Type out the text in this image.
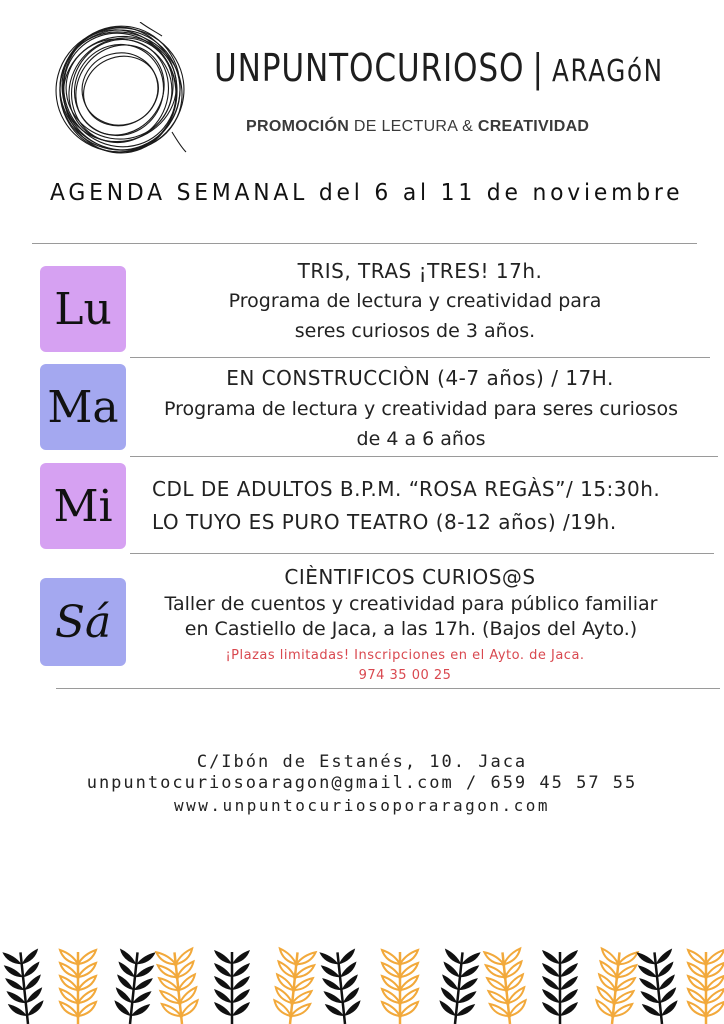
UNPUNTOCURIOSO | ARAGóN
PROMOCIÓN DE LECTURA & CREATIVIDAD
AGENDA SEMANAL del 6 al 11 de noviembre
Lu
TRIS, TRAS ¡TRES! 17h.
Programa de lectura y creatividad para
seres curiosos de 3 años.
Ma
EN CONSTRUCCIÒN (4-7 años) / 17H.
Programa de lectura y creatividad para seres curiosos
de 4 a 6 años
Mi CDL DE ADULTOS B.P.M. “ROSA REGÀS”/ 15:30h.
LO TUYO ES PURO TEATRO (8-12 años) /19h.
Sá
CIÈNTIFICOS CURIOS@S
Taller de cuentos y creatividad para público familiar
en Castiello de Jaca, a las 17h. (Bajos del Ayto.)
¡Plazas limitadas! Inscripciones en el Ayto. de Jaca.
974 35 00 25
C/Ibón de Estanés, 10. Jaca
unpuntocuriosoaragon@gmail.com / 659 45 57 55
www.unpuntocuriosoporaragon.com
